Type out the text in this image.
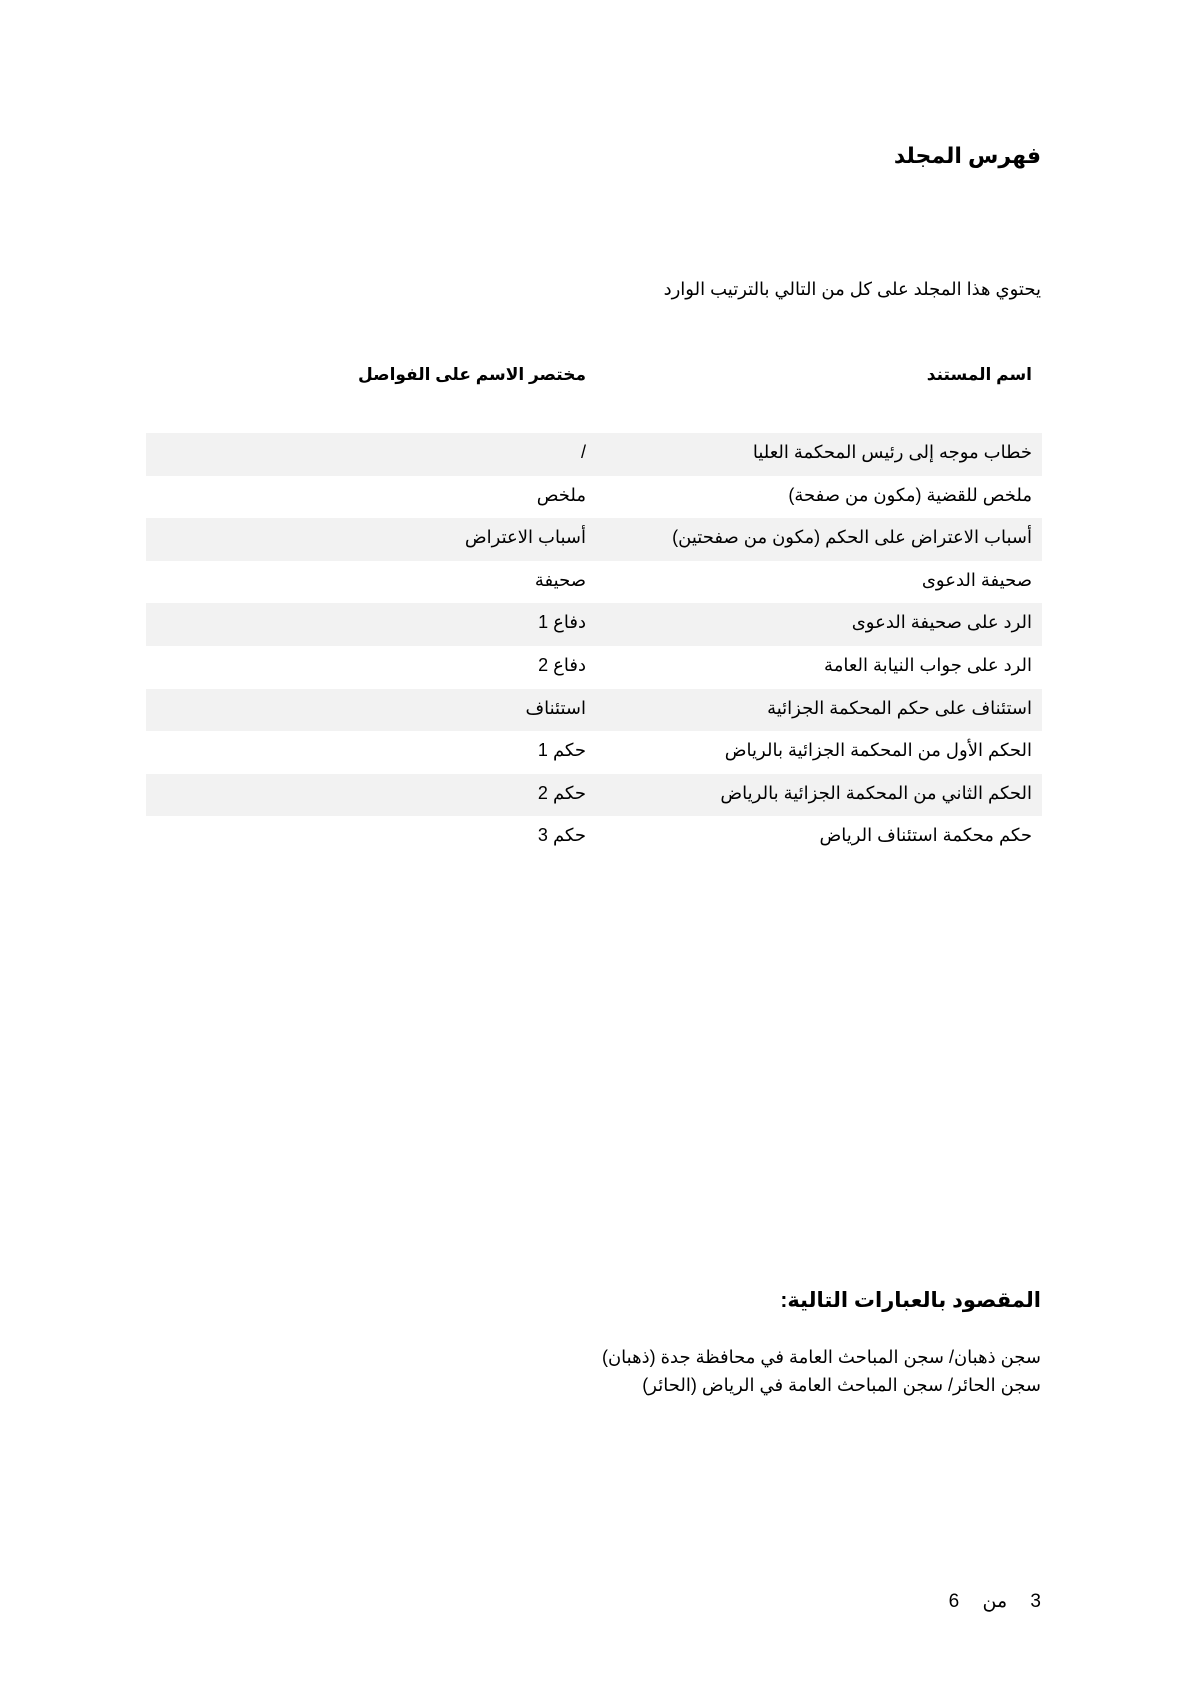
فهرس المجلد

يحتوي هذا المجلد على كل من التالي بالترتيب الوارد

اسم المستند
مختصر الاسم على الفواصل
خطاب موجه إلى رئيس المحكمة العليا
/
ملخص للقضية (مكون من صفحة)
ملخص
أسباب الاعتراض على الحكم (مكون من صفحتين)
أسباب الاعتراض
صحيفة الدعوى
صحيفة
الرد على صحيفة الدعوى
دفاع 1
الرد على جواب النيابة العامة
دفاع 2
استئناف على حكم المحكمة الجزائية
استئناف
الحكم الأول من المحكمة الجزائية بالرياض
حكم 1
الحكم الثاني من المحكمة الجزائية بالرياض
حكم 2
حكم محكمة استئناف الرياض
حكم 3
المقصود بالعبارات التالية:
سجن ذهبان/ سجن المباحث العامة في محافظة جدة (ذهبان)
سجن الحائر/ سجن المباحث العامة في الرياض (الحائر)
3 من 6
